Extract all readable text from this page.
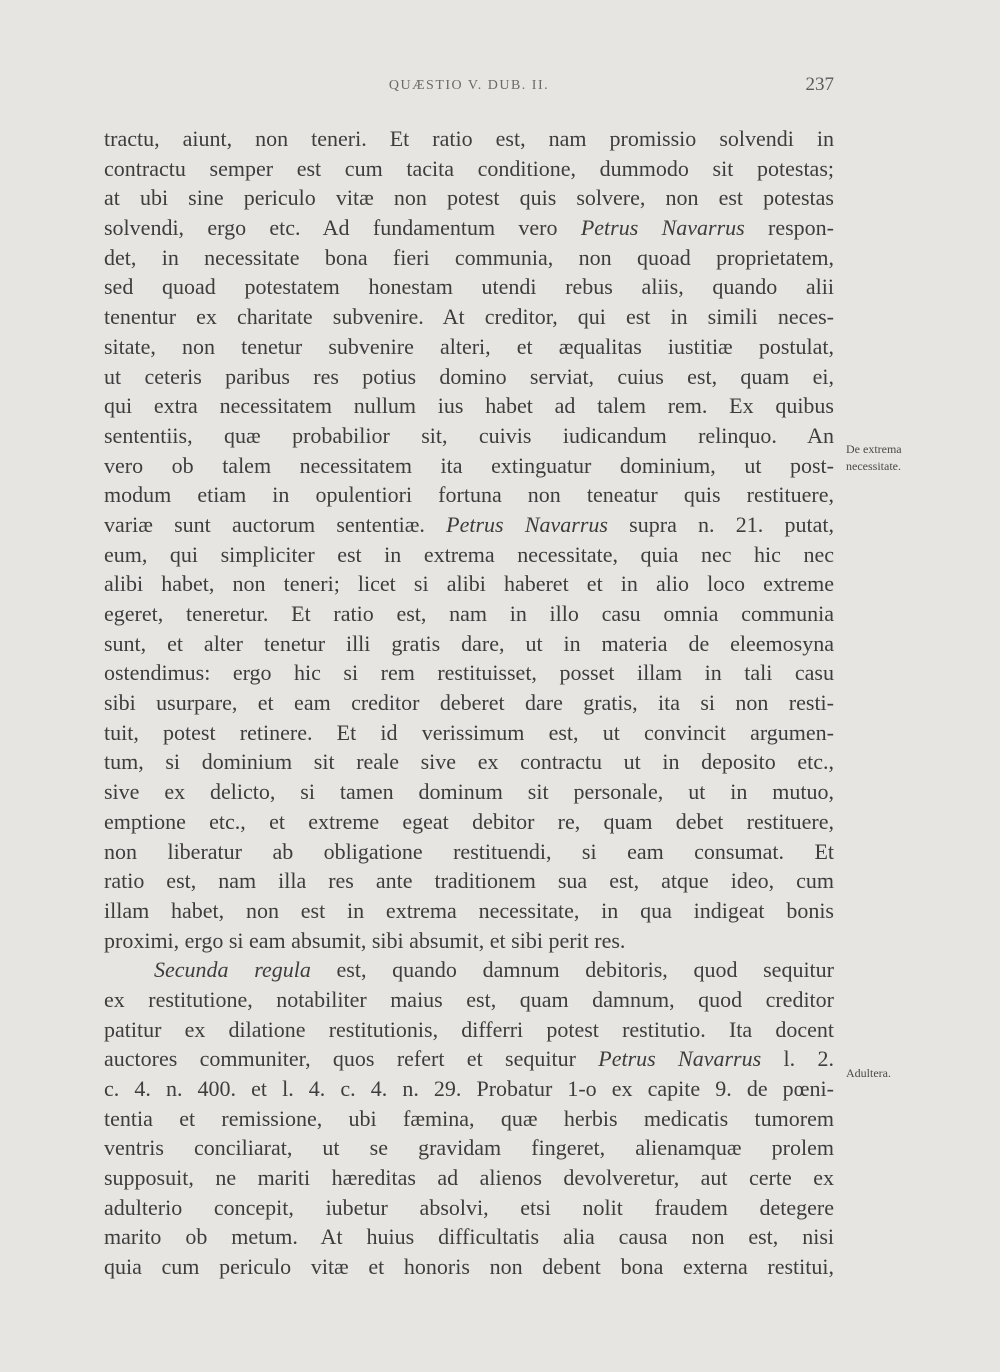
QUÆSTIO V. DUB. II.	237
tractu, aiunt, non teneri. Et ratio est, nam promissio solvendi in
contractu semper est cum tacita conditione, dummodo sit potestas;
at ubi sine periculo vitæ non potest quis solvere, non est potestas
solvendi, ergo etc. Ad fundamentum vero Petrus Navarrus respon-
det, in necessitate bona fieri communia, non quoad proprietatem,
sed quoad potestatem honestam utendi rebus aliis, quando alii
tenentur ex charitate subvenire. At creditor, qui est in simili neces-
sitate, non tenetur subvenire alteri, et æqualitas iustitiæ postulat,
ut ceteris paribus res potius domino serviat, cuius est, quam ei,
qui extra necessitatem nullum ius habet ad talem rem. Ex quibus
sententiis, quæ probabilior sit, cuivis iudicandum relinquo. An
vero ob talem necessitatem ita extinguatur dominium, ut post-
modum etiam in opulentiori fortuna non teneatur quis restituere,
variæ sunt auctorum sententiæ. Petrus Navarrus supra n. 21. putat,
eum, qui simpliciter est in extrema necessitate, quia nec hic nec
alibi habet, non teneri; licet si alibi haberet et in alio loco extreme
egeret, teneretur. Et ratio est, nam in illo casu omnia communia
sunt, et alter tenetur illi gratis dare, ut in materia de eleemosyna
ostendimus: ergo hic si rem restituisset, posset illam in tali casu
sibi usurpare, et eam creditor deberet dare gratis, ita si non resti-
tuit, potest retinere. Et id verissimum est, ut convincit argumen-
tum, si dominium sit reale sive ex contractu ut in deposito etc.,
sive ex delicto, si tamen dominum sit personale, ut in mutuo,
emptione etc., et extreme egeat debitor re, quam debet restituere,
non liberatur ab obligatione restituendi, si eam consumat. Et
ratio est, nam illa res ante traditionem sua est, atque ideo, cum
illam habet, non est in extrema necessitate, in qua indigeat bonis
proximi, ergo si eam absumit, sibi absumit, et sibi perit res.
Secunda regula est, quando damnum debitoris, quod sequitur
ex restitutione, notabiliter maius est, quam damnum, quod creditor
patitur ex dilatione restitutionis, differri potest restitutio. Ita docent
auctores communiter, quos refert et sequitur Petrus Navarrus l. 2.
c. 4. n. 400. et l. 4. c. 4. n. 29. Probatur 1-o ex capite 9. de pœni-
tentia et remissione, ubi fæmina, quæ herbis medicatis tumorem
ventris conciliarat, ut se gravidam fingeret, alienamquæ prolem
supposuit, ne mariti hæreditas ad alienos devolveretur, aut certe ex
adulterio concepit, iubetur absolvi, etsi nolit fraudem detegere
marito ob metum. At huius difficultatis alia causa non est, nisi
quia cum periculo vitæ et honoris non debent bona externa restitui,
De extrema
necessitate.
Adultera.
